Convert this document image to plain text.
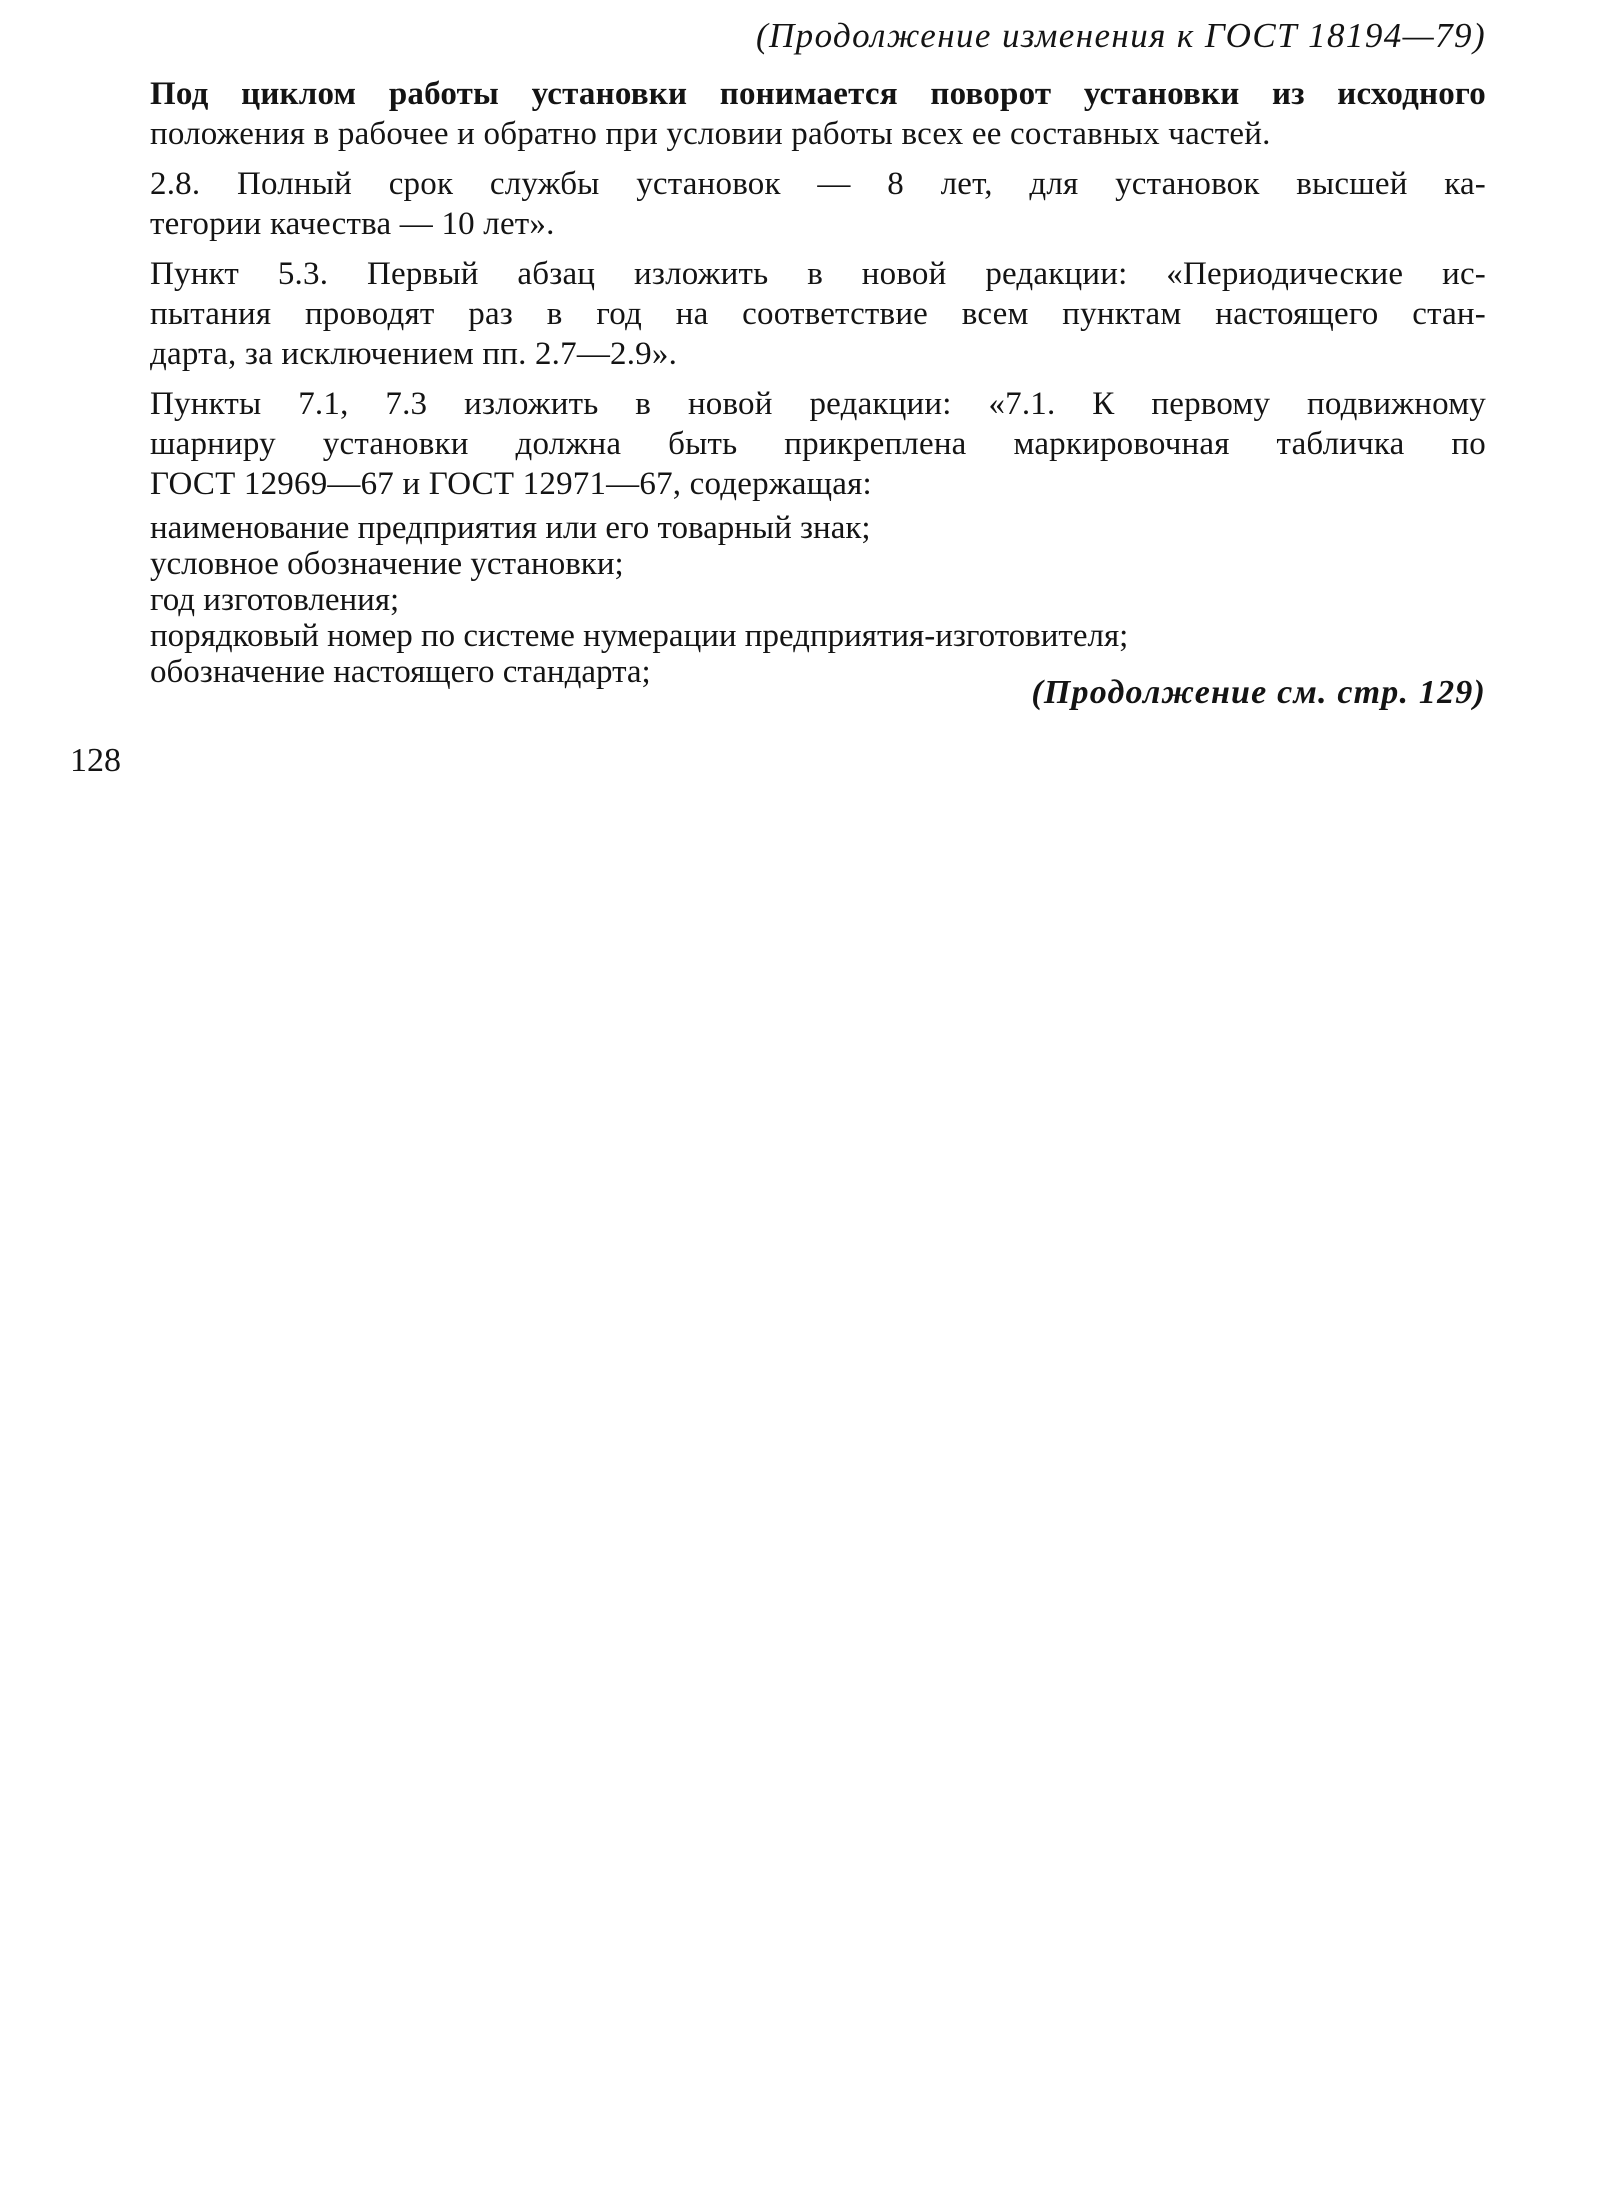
(Продолжение изменения к ГОСТ 18194—79)
Под циклом работы установки понимается поворот установки из исходного
положения в рабочее и обратно при условии работы всех ее составных частей.
2.8. Полный срок службы установок — 8 лет, для установок высшей ка-
тегории качества — 10 лет».
Пункт 5.3. Первый абзац изложить в новой редакции: «Периодические ис-
пытания проводят раз в год на соответствие всем пунктам настоящего стан-
дарта, за исключением пп. 2.7—2.9».
Пункты 7.1, 7.3 изложить в новой редакции: «7.1. К первому подвижному
шарниру установки должна быть прикреплена маркировочная табличка по
ГОСТ 12969—67 и ГОСТ 12971—67, содержащая:
наименование предприятия или его товарный знак;
условное обозначение установки;
год изготовления;
порядковый номер по системе нумерации предприятия-изготовителя;
обозначение настоящего стандарта;
(Продолжение см. стр. 129)
128
